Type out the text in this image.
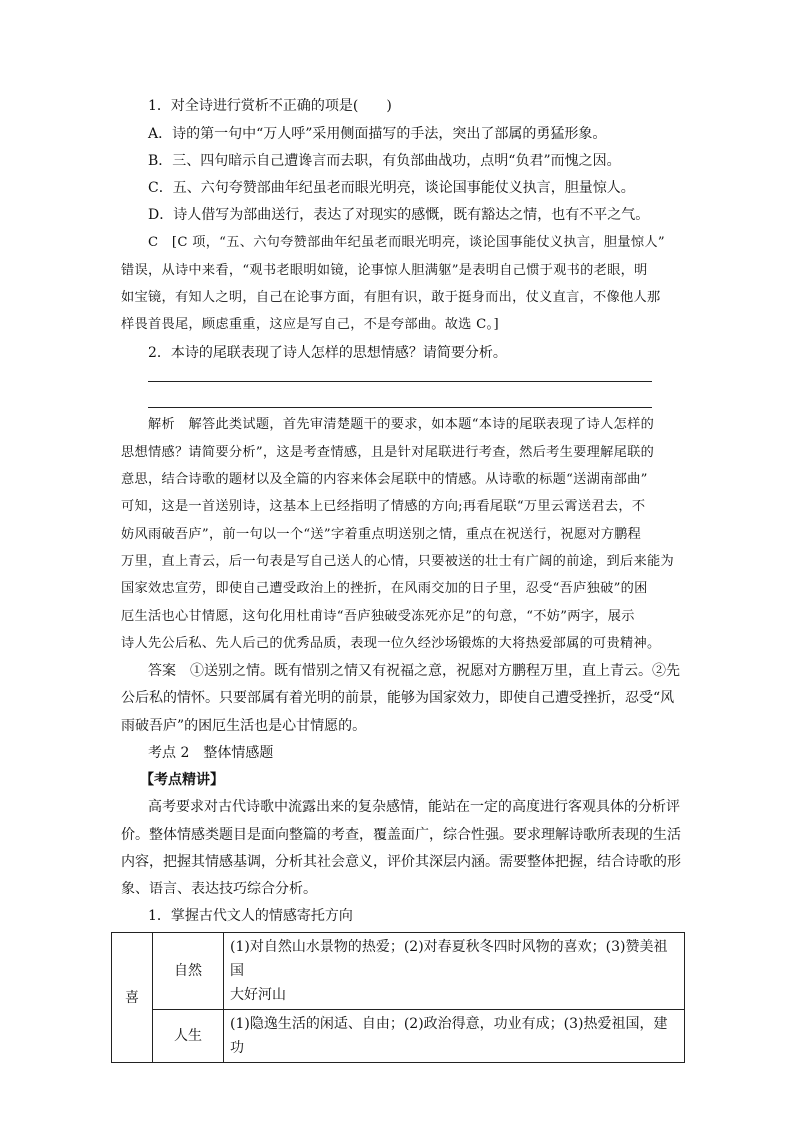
1．对全诗进行赏析不正确的项是(　　)
A．诗的第一句中“万人呼”采用侧面描写的手法，突出了部属的勇猛形象。
B．三、四句暗示自己遭谗言而去职，有负部曲战功，点明“负君”而愧之因。
C．五、六句夸赞部曲年纪虽老而眼光明亮，谈论国事能仗义执言，胆量惊人。
D．诗人借写为部曲送行，表达了对现实的感慨，既有豁达之情，也有不平之气。
C　[C 项，“五、六句夸赞部曲年纪虽老而眼光明亮，谈论国事能仗义执言，胆量惊人”
错误，从诗中来看，“观书老眼明如镜，论事惊人胆满躯”是表明自己惯于观书的老眼，明
如宝镜，有知人之明，自己在论事方面，有胆有识，敢于挺身而出，仗义直言，不像他人那
样畏首畏尾，顾虑重重，这应是写自己，不是夸部曲。故选 C。]
2．本诗的尾联表现了诗人怎样的思想情感？请简要分析。
解析　解答此类试题，首先审清楚题干的要求，如本题“本诗的尾联表现了诗人怎样的
思想情感？请简要分析”，这是考查情感，且是针对尾联进行考查，然后考生要理解尾联的
意思，结合诗歌的题材以及全篇的内容来体会尾联中的情感。从诗歌的标题“送湖南部曲”
可知，这是一首送别诗，这基本上已经指明了情感的方向;再看尾联“万里云霄送君去，不
妨风雨破吾庐”，前一句以一个“送”字着重点明送别之情，重点在祝送行，祝愿对方鹏程
万里，直上青云，后一句表是写自己送人的心情，只要被送的壮士有广阔的前途，到后来能为
国家效忠宣劳，即使自己遭受政治上的挫折，在风雨交加的日子里，忍受“吾庐独破”的困
厄生活也心甘情愿，这句化用杜甫诗“吾庐独破受冻死亦足”的句意，“不妨”两字，展示
诗人先公后私、先人后己的优秀品质，表现一位久经沙场锻炼的大将热爱部属的可贵精神。
答案　①送别之情。既有惜别之情又有祝福之意，祝愿对方鹏程万里，直上青云。②先
公后私的情怀。只要部属有着光明的前景，能够为国家效力，即使自己遭受挫折，忍受“风
雨破吾庐”的困厄生活也是心甘情愿的。
考点 2　整体情感题
【考点精讲】
高考要求对古代诗歌中流露出来的复杂感情，能站在一定的高度进行客观具体的分析评
价。整体情感类题目是面向整篇的考查，覆盖面广，综合性强。要求理解诗歌所表现的生活
内容，把握其情感基调，分析其社会意义，评价其深层内涵。需要整体把握，结合诗歌的形
象、语言、表达技巧综合分析。
1．掌握古代文人的情感寄托方向
喜	自然	(1)对自然山水景物的热爱；(2)对春夏秋冬四时风物的喜欢；(3)赞美祖国
大好河山

	人生	(1)隐逸生活的闲适、自由；(2)政治得意，功业有成；(3)热爱祖国，建功
